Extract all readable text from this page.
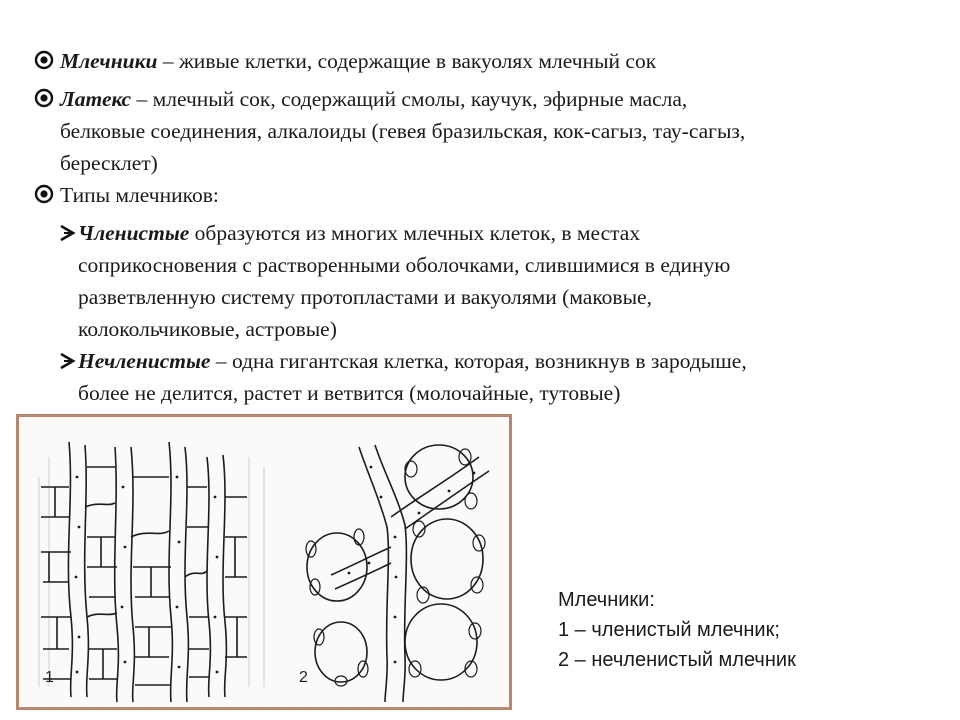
Млечники – живые клетки, содержащие в вакуолях млечный сок
Латекс – млечный сок, содержащий смолы, каучук, эфирные масла,
белковые соединения, алкалоиды (гевея бразильская, кок-сагыз, тау-сагыз,
бересклет)
Типы млечников:
Членистые образуются из многих млечных клеток, в местах
соприкосновения с растворенными оболочками, слившимися в единую
разветвленную систему протопластами и вакуолями (маковые,
колокольчиковые, астровые)
Нечленистые – одна гигантская клетка, которая, возникнув в зародыше,
более не делится, растет и ветвится (молочайные, тутовые)
1	2
Млечники:
1 – членистый млечник;
2 – нечленистый млечник
